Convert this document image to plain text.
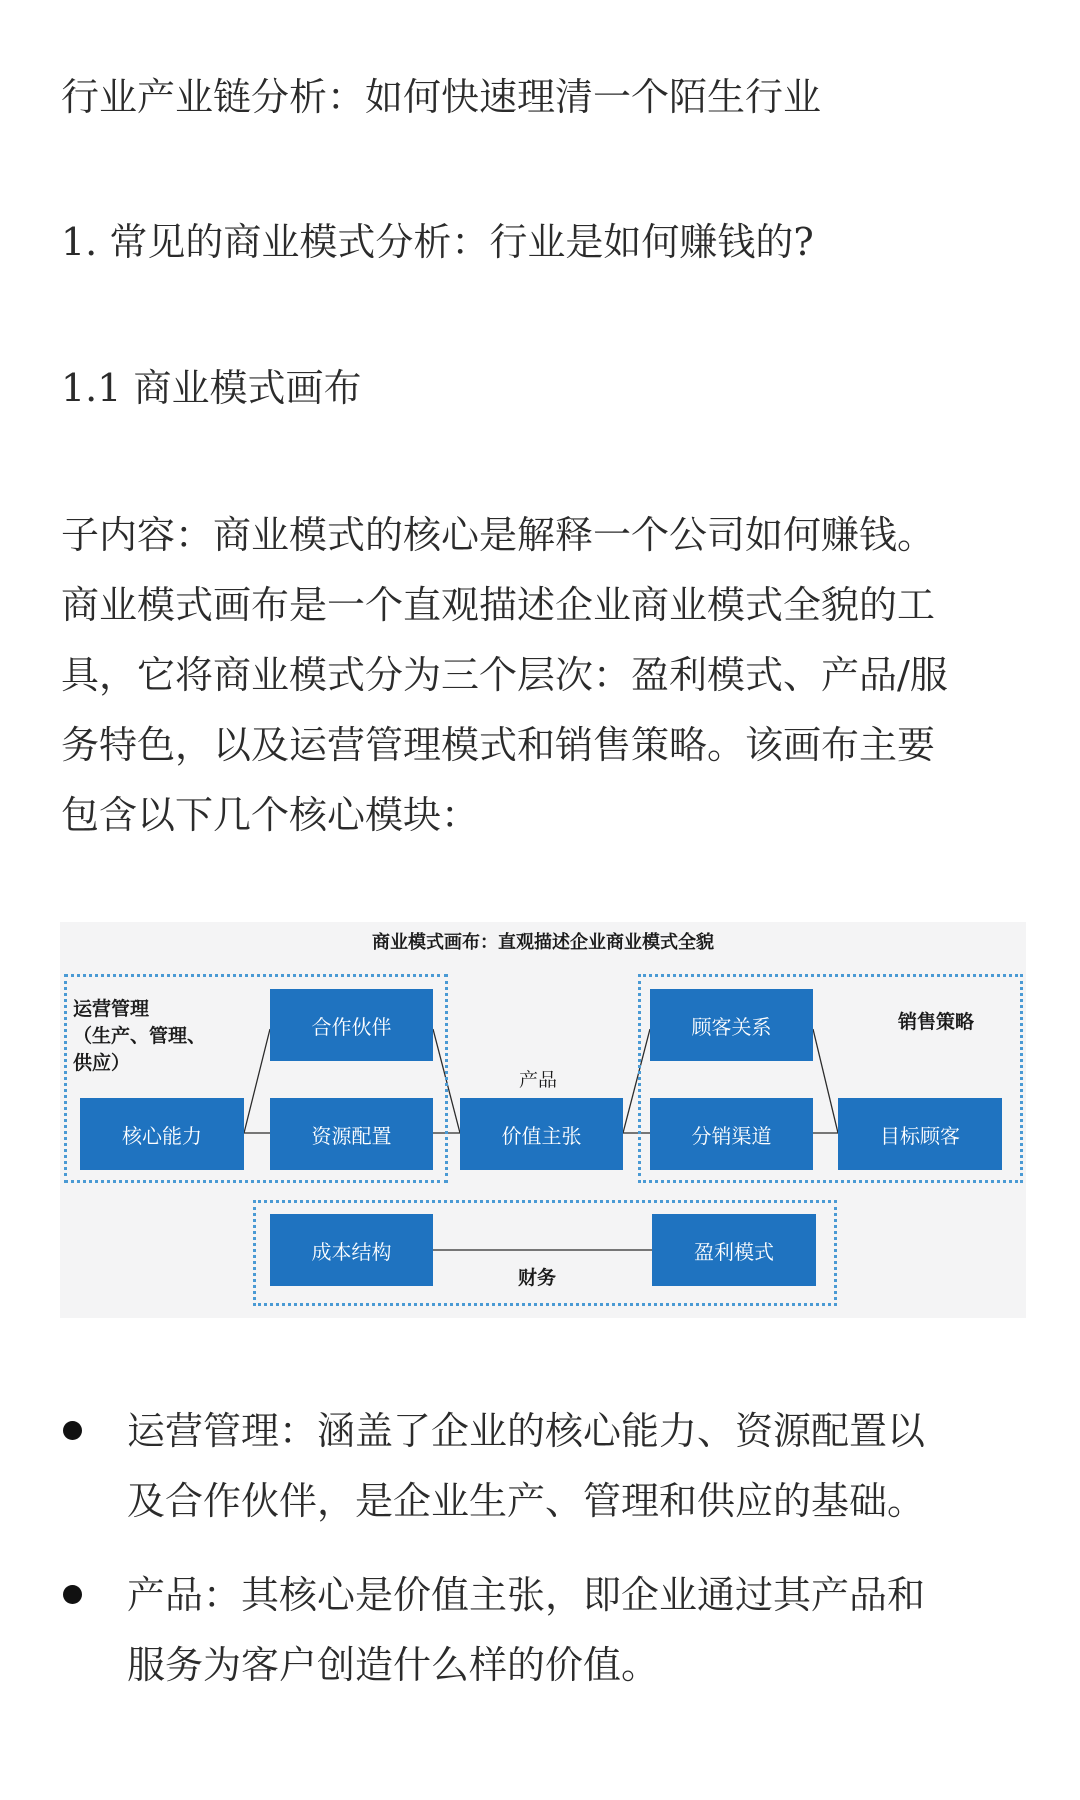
行业产业链分析：如何快速理清一个陌生行业
1. 常见的商业模式分析：行业是如何赚钱的?
1.1 商业模式画布

子内容：商业模式的核心是解释一个公司如何赚钱。
商业模式画布是一个直观描述企业商业模式全貌的工
具，它将商业模式分为三个层次：盈利模式、产品/服
务特色，以及运营管理模式和销售策略。该画布主要
包含以下几个核心模块：

商业模式画布：直观描述企业商业模式全貌
运营管理
（生产、管理、
供应）
销售策略
产品
财务
合作伙伴
核心能力	资源配置	价值主张
顾客关系
分销渠道	目标顾客
成本结构	盈利模式
运营管理：涵盖了企业的核心能力、资源配置以
及合作伙伴，是企业生产、管理和供应的基础。
产品：其核心是价值主张，即企业通过其产品和
服务为客户创造什么样的价值。
